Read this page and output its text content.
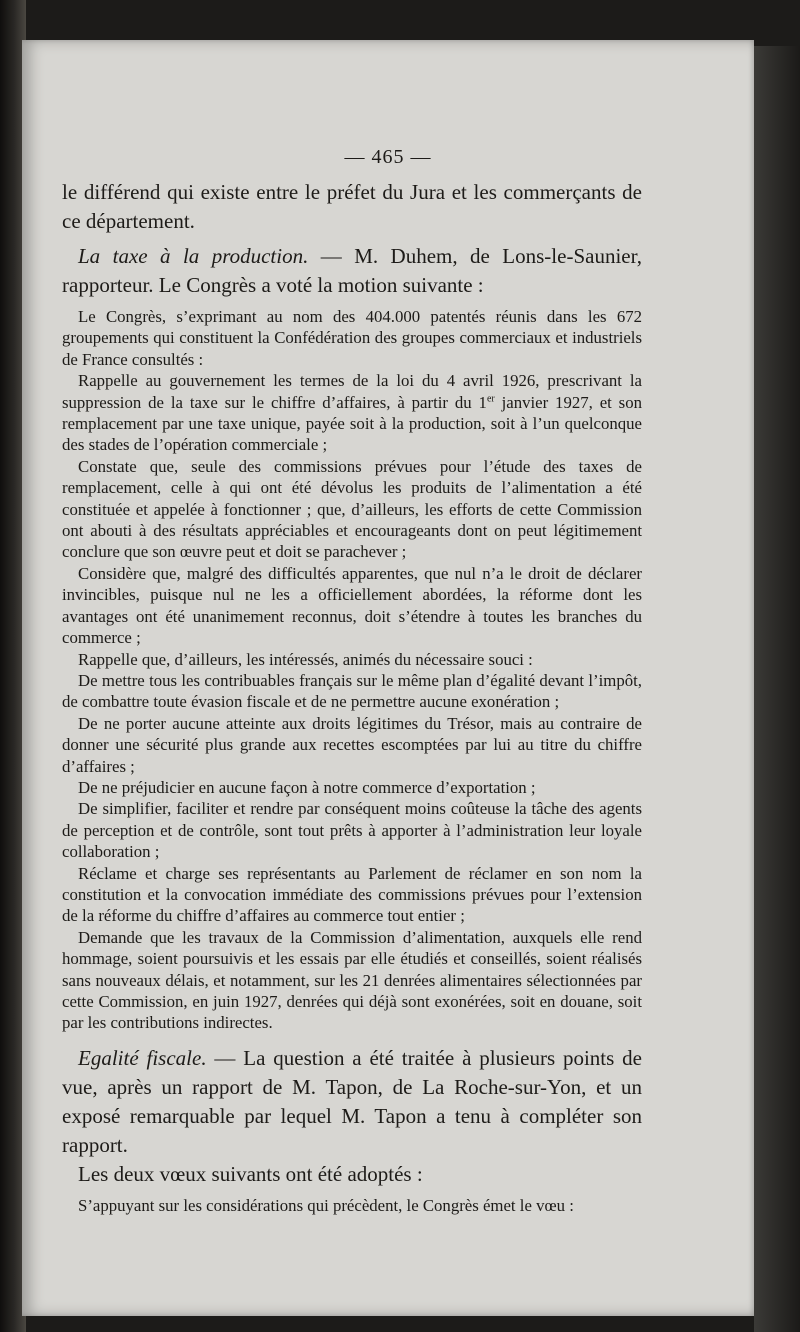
— 465 —

le différend qui existe entre le préfet du Jura et les commerçants de ce département.

La taxe à la production. — M. Duhem, de Lons-le-Saunier, rapporteur. Le Congrès a voté la motion suivante :

Le Congrès, s’exprimant au nom des 404.000 patentés réunis dans les 672 groupements qui constituent la Confédération des groupes commerciaux et industriels de France consultés :

Rappelle au gouvernement les termes de la loi du 4 avril 1926, prescrivant la suppression de la taxe sur le chiffre d’affaires, à partir du 1er janvier 1927, et son remplacement par une taxe unique, payée soit à la production, soit à l’un quelconque des stades de l’opération commerciale ;

Constate que, seule des commissions prévues pour l’étude des taxes de remplacement, celle à qui ont été dévolus les produits de l’alimentation a été constituée et appelée à fonctionner ; que, d’ailleurs, les efforts de cette Commission ont abouti à des résultats appréciables et encourageants dont on peut légitimement conclure que son œuvre peut et doit se parachever ;

Considère que, malgré des difficultés apparentes, que nul n’a le droit de déclarer invincibles, puisque nul ne les a officiellement abordées, la réforme dont les avantages ont été unanimement reconnus, doit s’étendre à toutes les branches du commerce ;

Rappelle que, d’ailleurs, les intéressés, animés du nécessaire souci :

De mettre tous les contribuables français sur le même plan d’égalité devant l’impôt, de combattre toute évasion fiscale et de ne permettre aucune exonération ;

De ne porter aucune atteinte aux droits légitimes du Trésor, mais au contraire de donner une sécurité plus grande aux recettes escomptées par lui au titre du chiffre d’affaires ;

De ne préjudicier en aucune façon à notre commerce d’exportation ;

De simplifier, faciliter et rendre par conséquent moins coûteuse la tâche des agents de perception et de contrôle, sont tout prêts à apporter à l’administration leur loyale collaboration ;

Réclame et charge ses représentants au Parlement de réclamer en son nom la constitution et la convocation immédiate des commissions prévues pour l’extension de la réforme du chiffre d’affaires au commerce tout entier ;

Demande que les travaux de la Commission d’alimentation, auxquels elle rend hommage, soient poursuivis et les essais par elle étudiés et conseillés, soient réalisés sans nouveaux délais, et notamment, sur les 21 denrées alimentaires sélectionnées par cette Commission, en juin 1927, denrées qui déjà sont exonérées, soit en douane, soit par les contributions indirectes.

Egalité fiscale. — La question a été traitée à plusieurs points de vue, après un rapport de M. Tapon, de La Roche-sur-Yon, et un exposé remarquable par lequel M. Tapon a tenu à compléter son rapport.

Les deux vœux suivants ont été adoptés :

S’appuyant sur les considérations qui précèdent, le Congrès émet le vœu :
